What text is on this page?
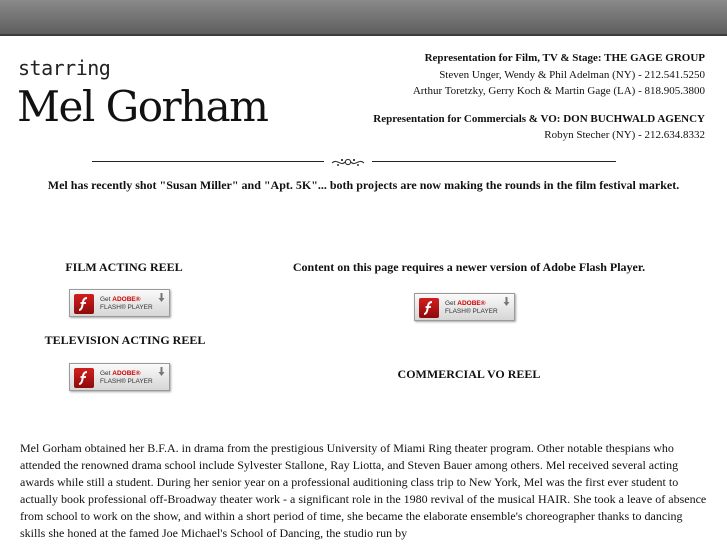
starring
Mel Gorham
Representation for Film, TV & Stage: THE GAGE GROUP
Steven Unger, Wendy & Phil Adelman (NY) - 212.541.5250
Arthur Toretzky, Gerry Koch & Martin Gage (LA) - 818.905.3800
Representation for Commercials & VO: DON BUCHWALD AGENCY
Robyn Stecher (NY) - 212.634.8332
Mel has recently shot "Susan Miller" and "Apt. 5K"... both projects are now making the rounds in the film festival market.
FILM ACTING REEL
Get ADOBE®
FLASH® PLAYER
Content on this page requires a newer version of Adobe Flash Player.
Get ADOBE®
FLASH® PLAYER
TELEVISION ACTING REEL
Get ADOBE®
FLASH® PLAYER
COMMERCIAL VO REEL
Mel Gorham obtained her B.F.A. in drama from the prestigious University of Miami Ring theater program. Other notable thespians who attended the renowned drama school include Sylvester Stallone, Ray Liotta, and Steven Bauer among others. Mel received several acting awards while still a student. During her senior year on a professional auditioning class trip to New York, Mel was the first ever student to actually book professional off-Broadway theater work - a significant role in the 1980 revival of the musical HAIR. She took a leave of absence from school to work on the show, and within a short period of time, she became the elaborate ensemble's choreographer thanks to dancing skills she honed at the famed Joe Michael's School of Dancing, the studio run by
